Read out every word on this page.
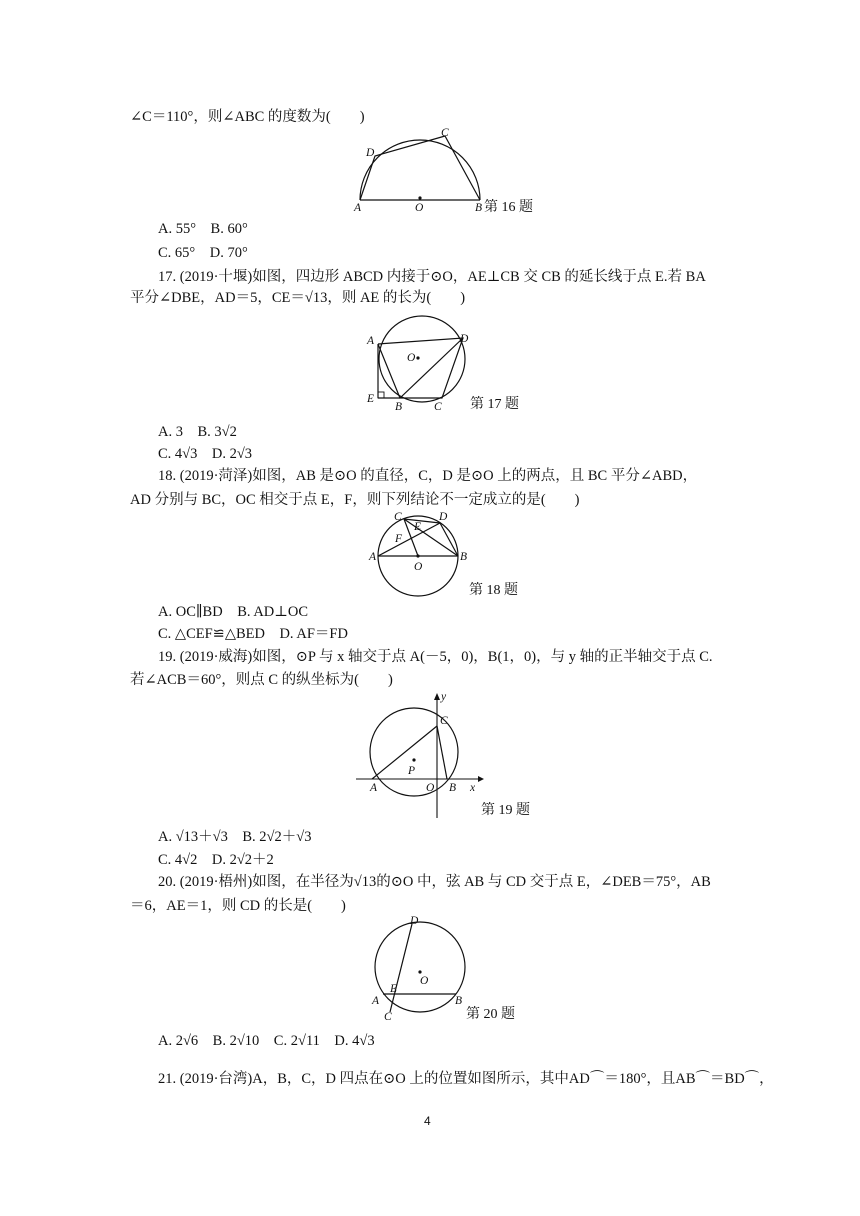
∠C＝110°，则∠ABC 的度数为(　　)
A	O	B
D
C
第 16 题
A. 55°　B. 60°
C. 65°　D. 70°
17. (2019·十堰)如图，四边形 ABCD 内接于⊙O，AE⊥CB 交 CB 的延长线于点 E.若 BA
平分∠DBE，AD＝5，CE＝√13，则 AE 的长为(　　)
O
A	D
E
B	C 第 17 题
A. 3　B. 3√2
C. 4√3　D. 2√3
18. (2019·菏泽)如图，AB 是⊙O 的直径，C，D 是⊙O 上的两点，且 BC 平分∠ABD，
AD 分别与 BC，OC 相交于点 E，F，则下列结论不一定成立的是(　　)
C	D
E
F
A	B
O
第 18 题
A. OC∥BD　B. AD⊥OC
C. △CEF≌△BED　D. AF＝FD
19. (2019·威海)如图，⊙P 与 x 轴交于点 A(－5，0)，B(1，0)，与 y 轴的正半轴交于点 C.
若∠ACB＝60°，则点 C 的纵坐标为(　　)
y
C
P
x
A	O B
第 19 题
A. √13＋√3　B. 2√2＋√3
C. 4√2　D. 2√2＋2
20. (2019·梧州)如图，在半径为√13的⊙O 中，弦 AB 与 CD 交于点 E，∠DEB＝75°，AB
＝6，AE＝1，则 CD 的长是(　　)
D
O
A
E
B
C	第 20 题
A. 2√6　B. 2√10　C. 2√11　D. 4√3
21. (2019·台湾)A，B，C，D 四点在⊙O 上的位置如图所示，其中AD⌒＝180°，且AB⌒＝BD⌒，
4
